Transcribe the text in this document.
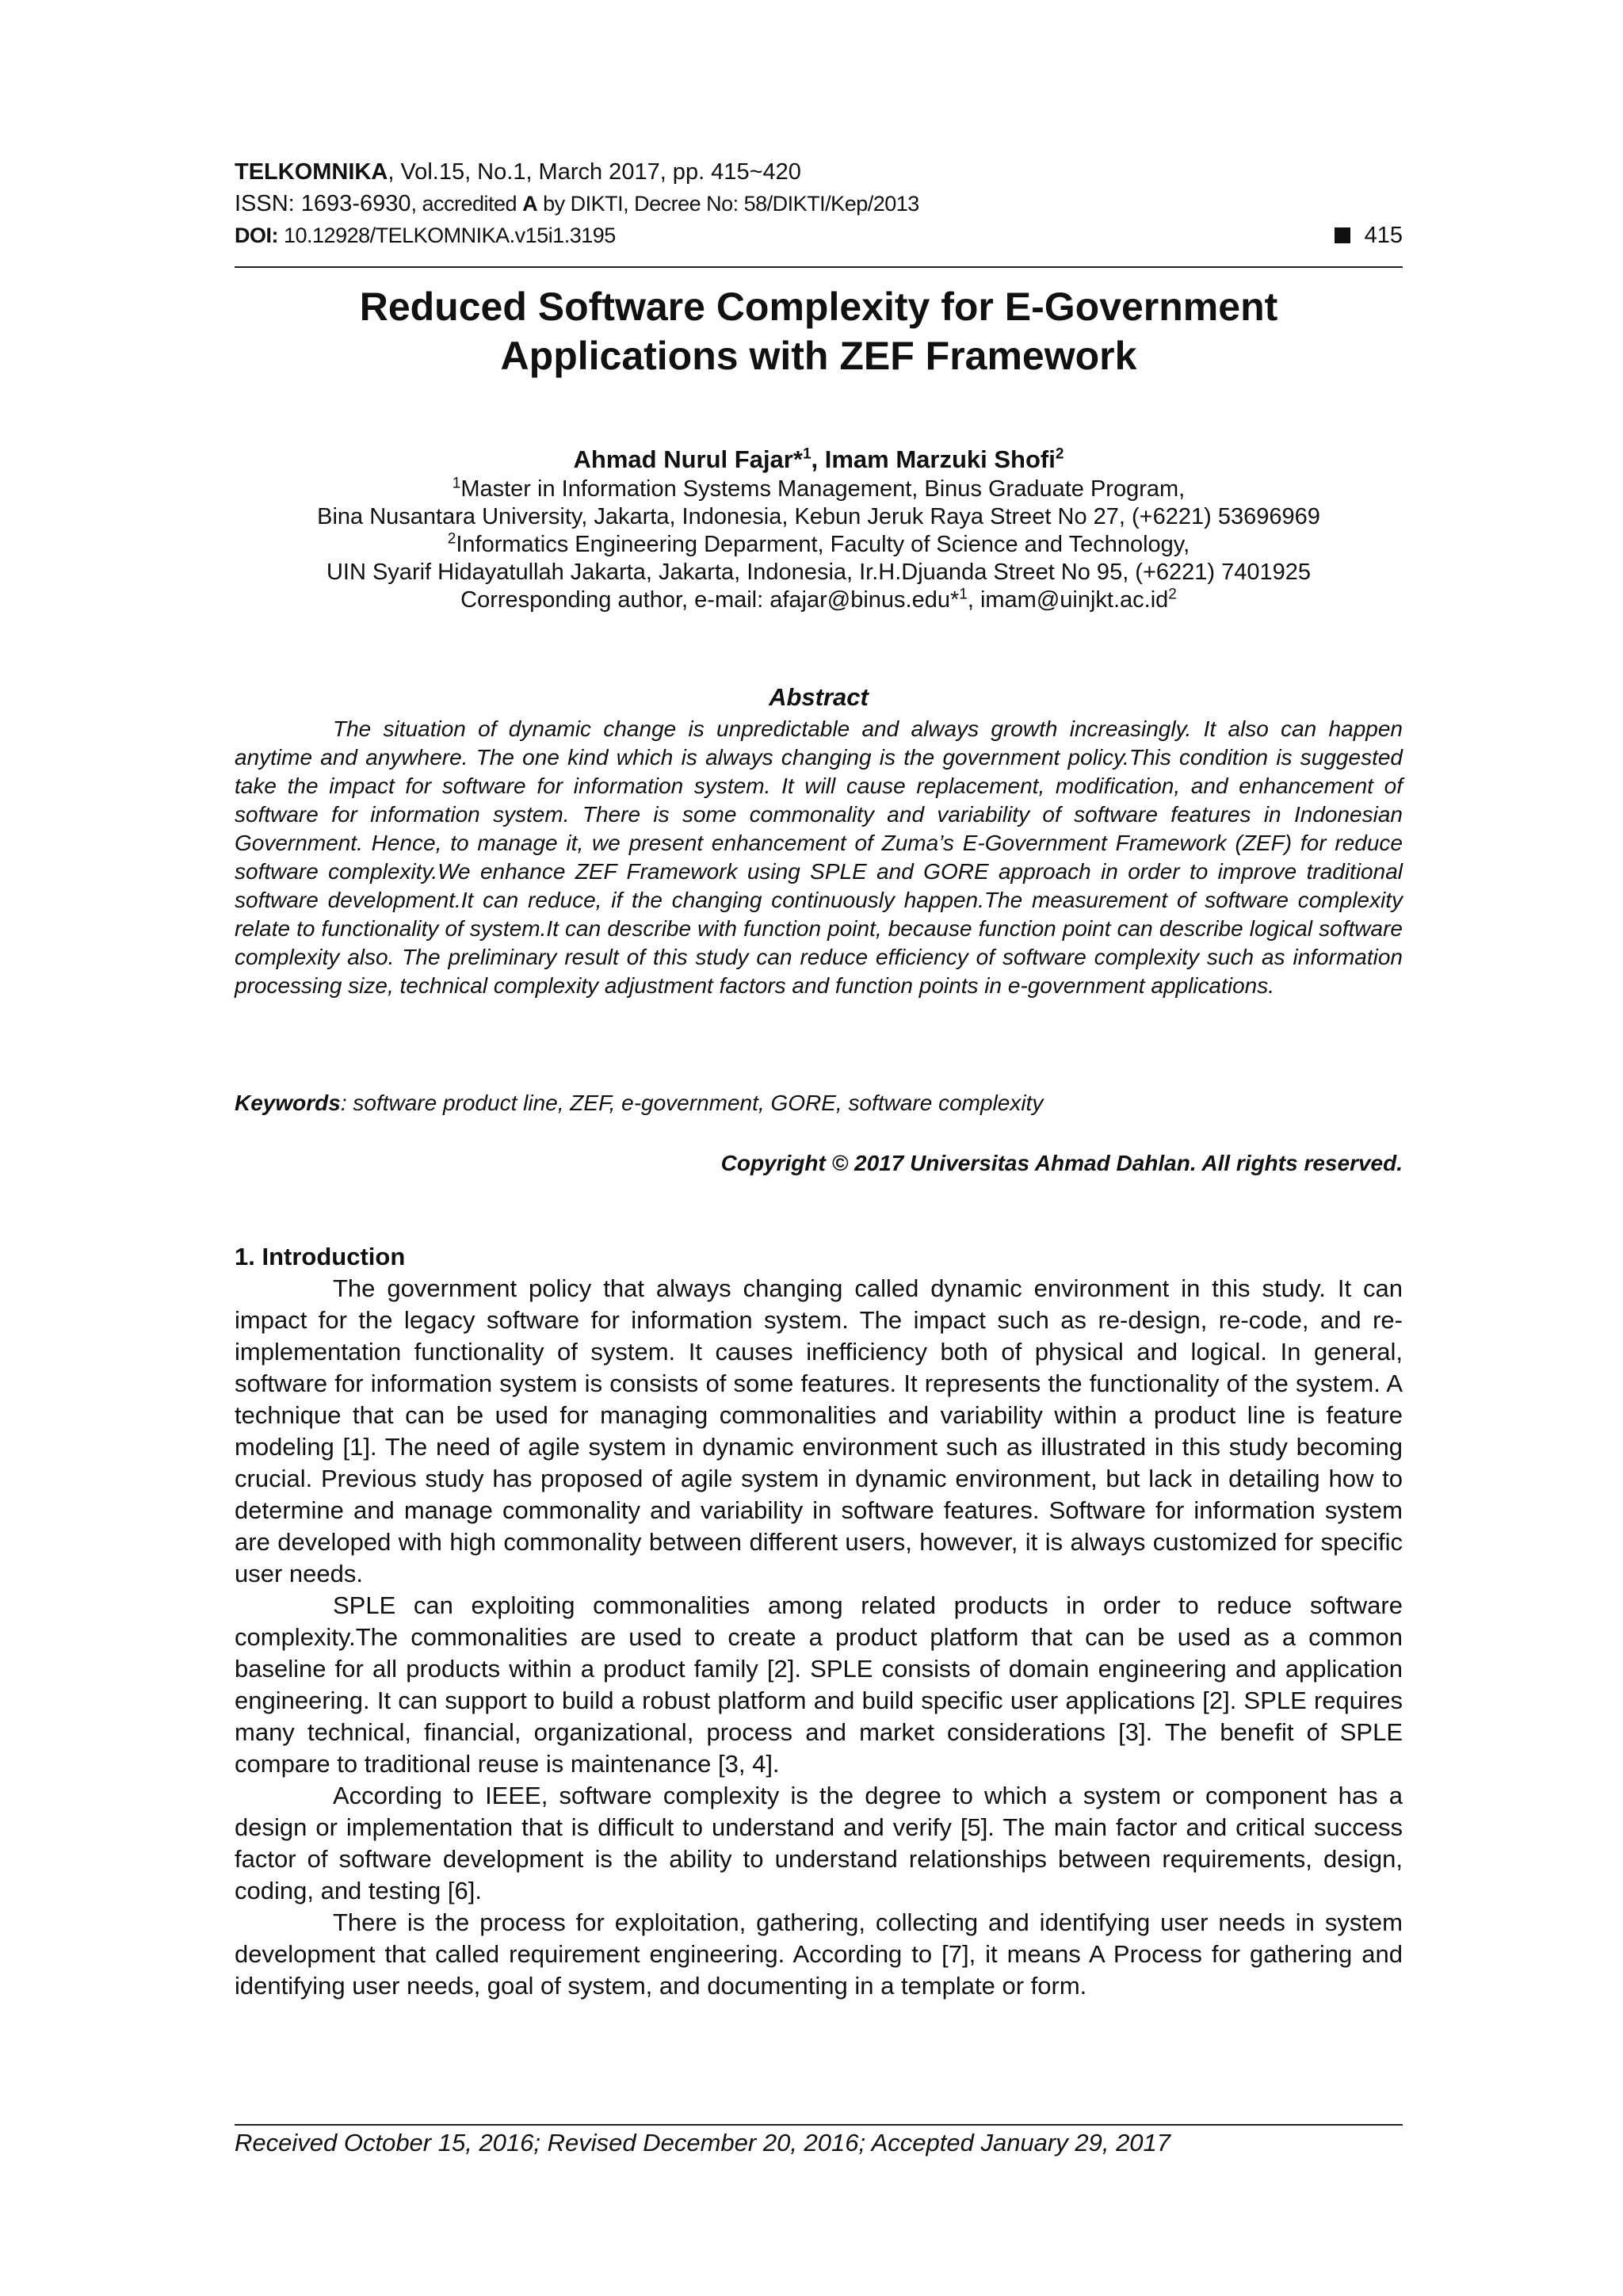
TELKOMNIKA, Vol.15, No.1, March 2017, pp. 415~420
ISSN: 1693-6930, accredited A by DIKTI, Decree No: 58/DIKTI/Kep/2013
DOI: 10.12928/TELKOMNIKA.v15i1.3195	415
Reduced Software Complexity for E-Government
Applications with ZEF Framework
Ahmad Nurul Fajar*$^1$, Imam Marzuki Shofi$^2$

$^1$Master in Information Systems Management, Binus Graduate Program,

Bina Nusantara University, Jakarta, Indonesia, Kebun Jeruk Raya Street No 27, (+6221) 53696969

$^2$Informatics Engineering Deparment, Faculty of Science and Technology,

UIN Syarif Hidayatullah Jakarta, Jakarta, Indonesia, Ir.H.Djuanda Street No 95, (+6221) 7401925

Corresponding author, e-mail: afajar@binus.edu*$^1$, $imam@uinjkt.ac.id^2$

Abstract

The situation of dynamic change is unpredictable and always growth increasingly. It also can happen anytime and anywhere. The one kind which is always changing is the government policy.This condition is suggested take the impact for software for information system. It will cause replacement, modification, and enhancement of software for information system. There is some commonality and variability of software features in Indonesian Government. Hence, to manage it, we present enhancement of Zuma’s E-Government Framework (ZEF) for reduce software complexity.We enhance ZEF Framework using SPLE and GORE approach in order to improve traditional software development.It can reduce, if the changing continuously happen.The measurement of software complexity relate to functionality of system.It can describe with function point, because function point can describe logical software complexity also. The preliminary result of this study can reduce efficiency of software complexity such as information processing size, technical complexity adjustment factors and function points in e-government applications.

Keywords: software product line, ZEF, e-government, GORE, software complexity
Copyright © 2017 Universitas Ahmad Dahlan. All rights reserved.
1. Introduction

The government policy that always changing called dynamic environment in this study. It can impact for the legacy software for information system. The impact such as re-design, re-code, and re-implementation functionality of system. It causes inefficiency both of physical and logical. In general, software for information system is consists of some features. It represents the functionality of the system. A technique that can be used for managing commonalities and variability within a product line is feature modeling [1]. The need of agile system in dynamic environment such as illustrated in this study becoming crucial. Previous study has proposed of agile system in dynamic environment, but lack in detailing how to determine and manage commonality and variability in software features. Software for information system are developed with high commonality between different users, however, it is always customized for specific user needs.

SPLE can exploiting commonalities among related products in order to reduce software complexity.The commonalities are used to create a product platform that can be used as a common baseline for all products within a product family [2]. SPLE consists of domain engineering and application engineering. It can support to build a robust platform and build specific user applications [2]. SPLE requires many technical, financial, organizational, process and market considerations [3]. The benefit of SPLE compare to traditional reuse is maintenance [3, 4].

According to IEEE, software complexity is the degree to which a system or component has a design or implementation that is difficult to understand and verify [5]. The main factor and critical success factor of software development is the ability to understand relationships between requirements, design, coding, and testing [6].

There is the process for exploitation, gathering, collecting and identifying user needs in system development that called requirement engineering. According to [7], it means A Process for gathering and identifying user needs, goal of system, and documenting in a template or form.

Received October 15, 2016; Revised December 20, 2016; Accepted January 29, 2017
